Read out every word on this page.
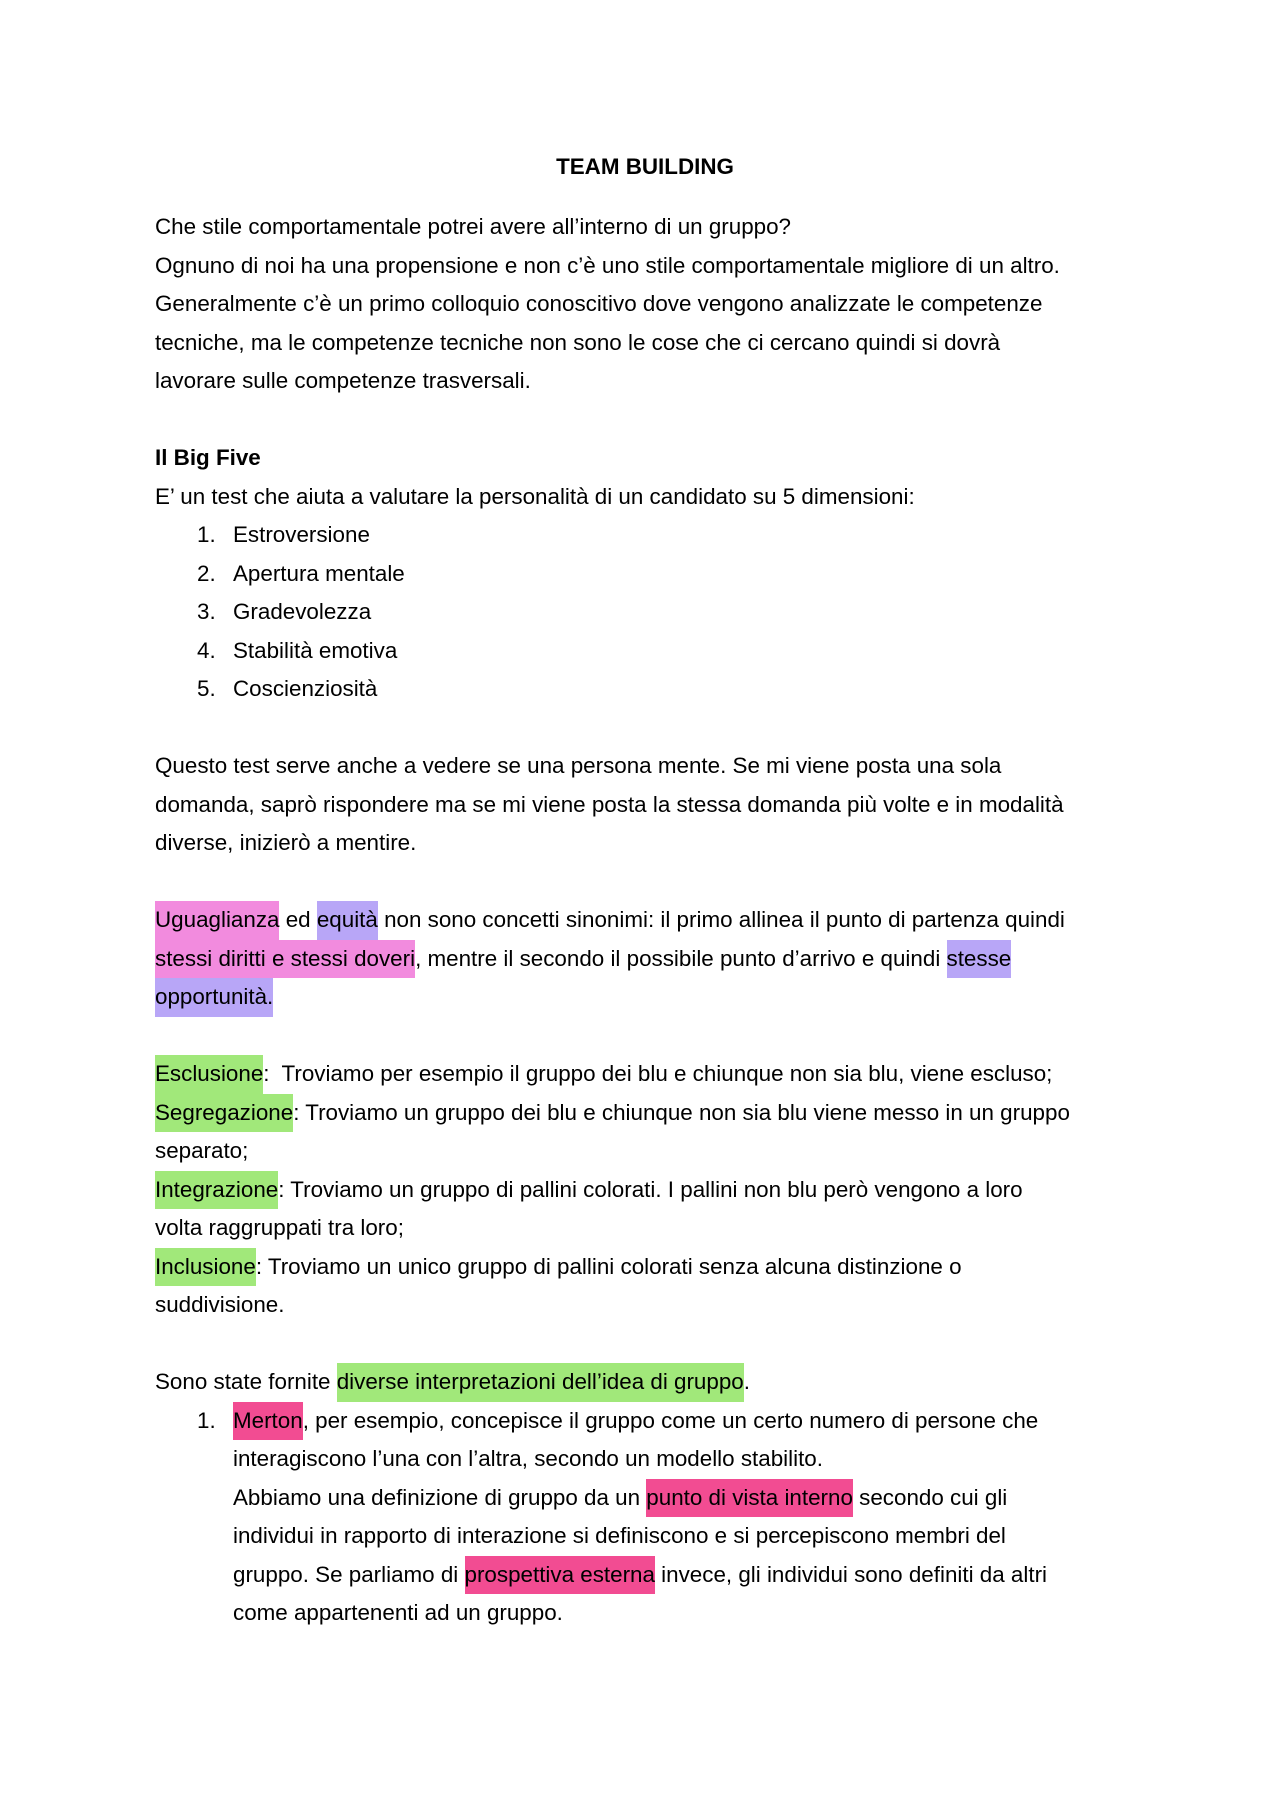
TEAM BUILDING
Che stile comportamentale potrei avere all’interno di un gruppo?
Ognuno di noi ha una propensione e non c’è uno stile comportamentale migliore di un altro.
Generalmente c’è un primo colloquio conoscitivo dove vengono analizzate le competenze
tecniche, ma le competenze tecniche non sono le cose che ci cercano quindi si dovrà
lavorare sulle competenze trasversali.
Il Big Five
E’ un test che aiuta a valutare la personalità di un candidato su 5 dimensioni:
1. Estroversione
2. Apertura mentale
3. Gradevolezza
4. Stabilità emotiva
5. Coscienziosità
Questo test serve anche a vedere se una persona mente. Se mi viene posta una sola
domanda, saprò rispondere ma se mi viene posta la stessa domanda più volte e in modalità
diverse, inizierò a mentire.
Uguaglianza ed equità non sono concetti sinonimi: il primo allinea il punto di partenza quindi
stessi diritti e stessi doveri, mentre il secondo il possibile punto d’arrivo e quindi stesse
opportunità.
Esclusione:  Troviamo per esempio il gruppo dei blu e chiunque non sia blu, viene escluso;
Segregazione: Troviamo un gruppo dei blu e chiunque non sia blu viene messo in un gruppo
separato;
Integrazione: Troviamo un gruppo di pallini colorati. I pallini non blu però vengono a loro
volta raggruppati tra loro;
Inclusione: Troviamo un unico gruppo di pallini colorati senza alcuna distinzione o
suddivisione.
Sono state fornite diverse interpretazioni dell’idea di gruppo.
1. Merton, per esempio, concepisce il gruppo come un certo numero di persone che
interagiscono l’una con l’altra, secondo un modello stabilito.
Abbiamo una definizione di gruppo da un punto di vista interno secondo cui gli
individui in rapporto di interazione si definiscono e si percepiscono membri del
gruppo. Se parliamo di prospettiva esterna invece, gli individui sono definiti da altri
come appartenenti ad un gruppo.
